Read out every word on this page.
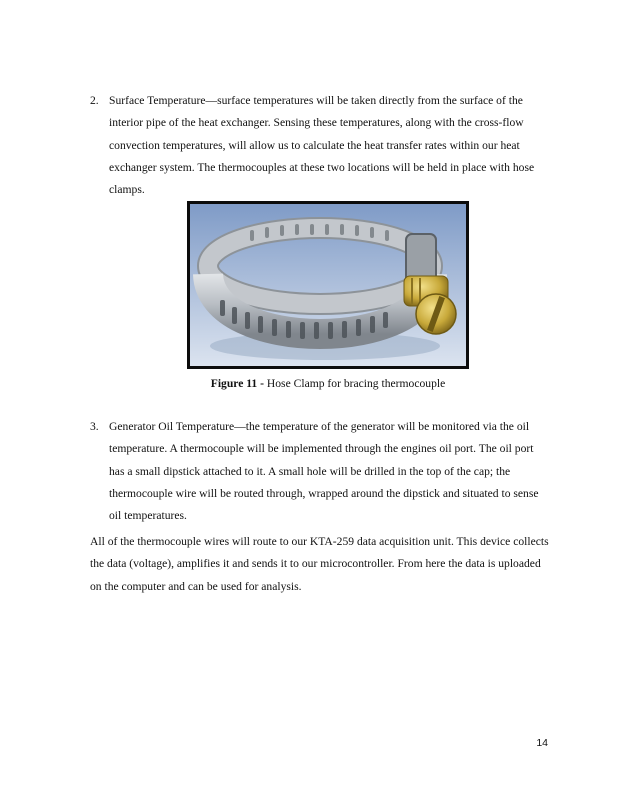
2. Surface Temperature—surface temperatures will be taken directly from the surface of the interior pipe of the heat exchanger. Sensing these temperatures, along with the cross-flow convection temperatures, will allow us to calculate the heat transfer rates within our heat exchanger system. The thermocouples at these two locations will be held in place with hose clamps.
Figure 11 - Hose Clamp for bracing thermocouple
3. Generator Oil Temperature—the temperature of the generator will be monitored via the oil temperature. A thermocouple will be implemented through the engines oil port. The oil port has a small dipstick attached to it. A small hole will be drilled in the top of the cap; the thermocouple wire will be routed through, wrapped around the dipstick and situated to sense oil temperatures.
All of the thermocouple wires will route to our KTA-259 data acquisition unit. This device collects the data (voltage), amplifies it and sends it to our microcontroller. From here the data is uploaded on the computer and can be used for analysis.
14
